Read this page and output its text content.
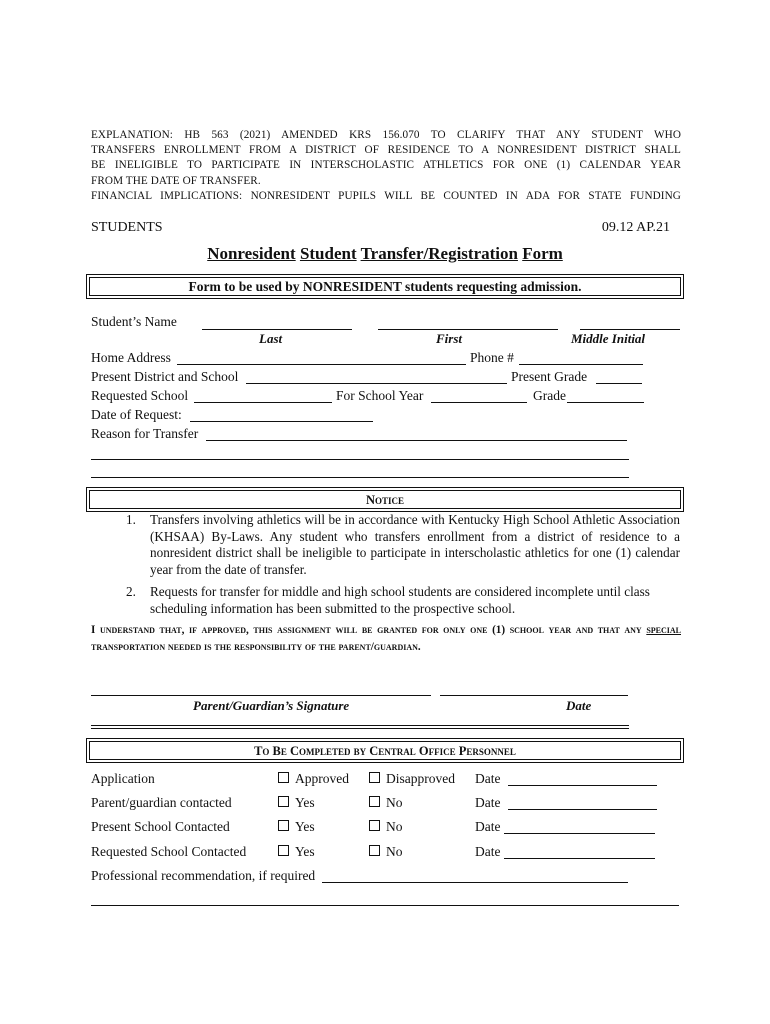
EXPLANATION: HB 563 (2021) AMENDED KRS 156.070 TO CLARIFY THAT ANY STUDENT WHO
TRANSFERS ENROLLMENT FROM A DISTRICT OF RESIDENCE TO A NONRESIDENT DISTRICT SHALL
BE INELIGIBLE TO PARTICIPATE IN INTERSCHOLASTIC ATHLETICS FOR ONE (1) CALENDAR YEAR
FROM THE DATE OF TRANSFER.
FINANCIAL IMPLICATIONS: NONRESIDENT PUPILS WILL BE COUNTED IN ADA FOR STATE FUNDING
STUDENTS	09.12 AP.21
Nonresident Student Transfer/Registration Form
Form to be used by NONRESIDENT students requesting admission.
Student’s Name
Last	First	Middle Initial
Home Address	Phone #
Present District and School	Present Grade
Requested School	For School Year	Grade
Date of Request:
Reason for Transfer
Notice
1. Transfers involving athletics will be in accordance with Kentucky High School Athletic Association (KHSAA) By-Laws. Any student who transfers enrollment from a district of residence to a nonresident district shall be ineligible to participate in interscholastic athletics for one (1) calendar year from the date of transfer.
2. Requests for transfer for middle and high school students are considered incomplete until class scheduling information has been submitted to the prospective school.
I understand that, if approved, this assignment will be granted for only one (1) school year and that any special transportation needed is the responsibility of the parent/guardian.
Parent/Guardian’s Signature	Date
To Be Completed by Central Office Personnel
Application	Approved	Disapproved Date
Parent/guardian contacted	Yes	No	Date
Present School Contacted	Yes	No	Date
Requested School Contacted	Yes	No	Date
Professional recommendation, if required
